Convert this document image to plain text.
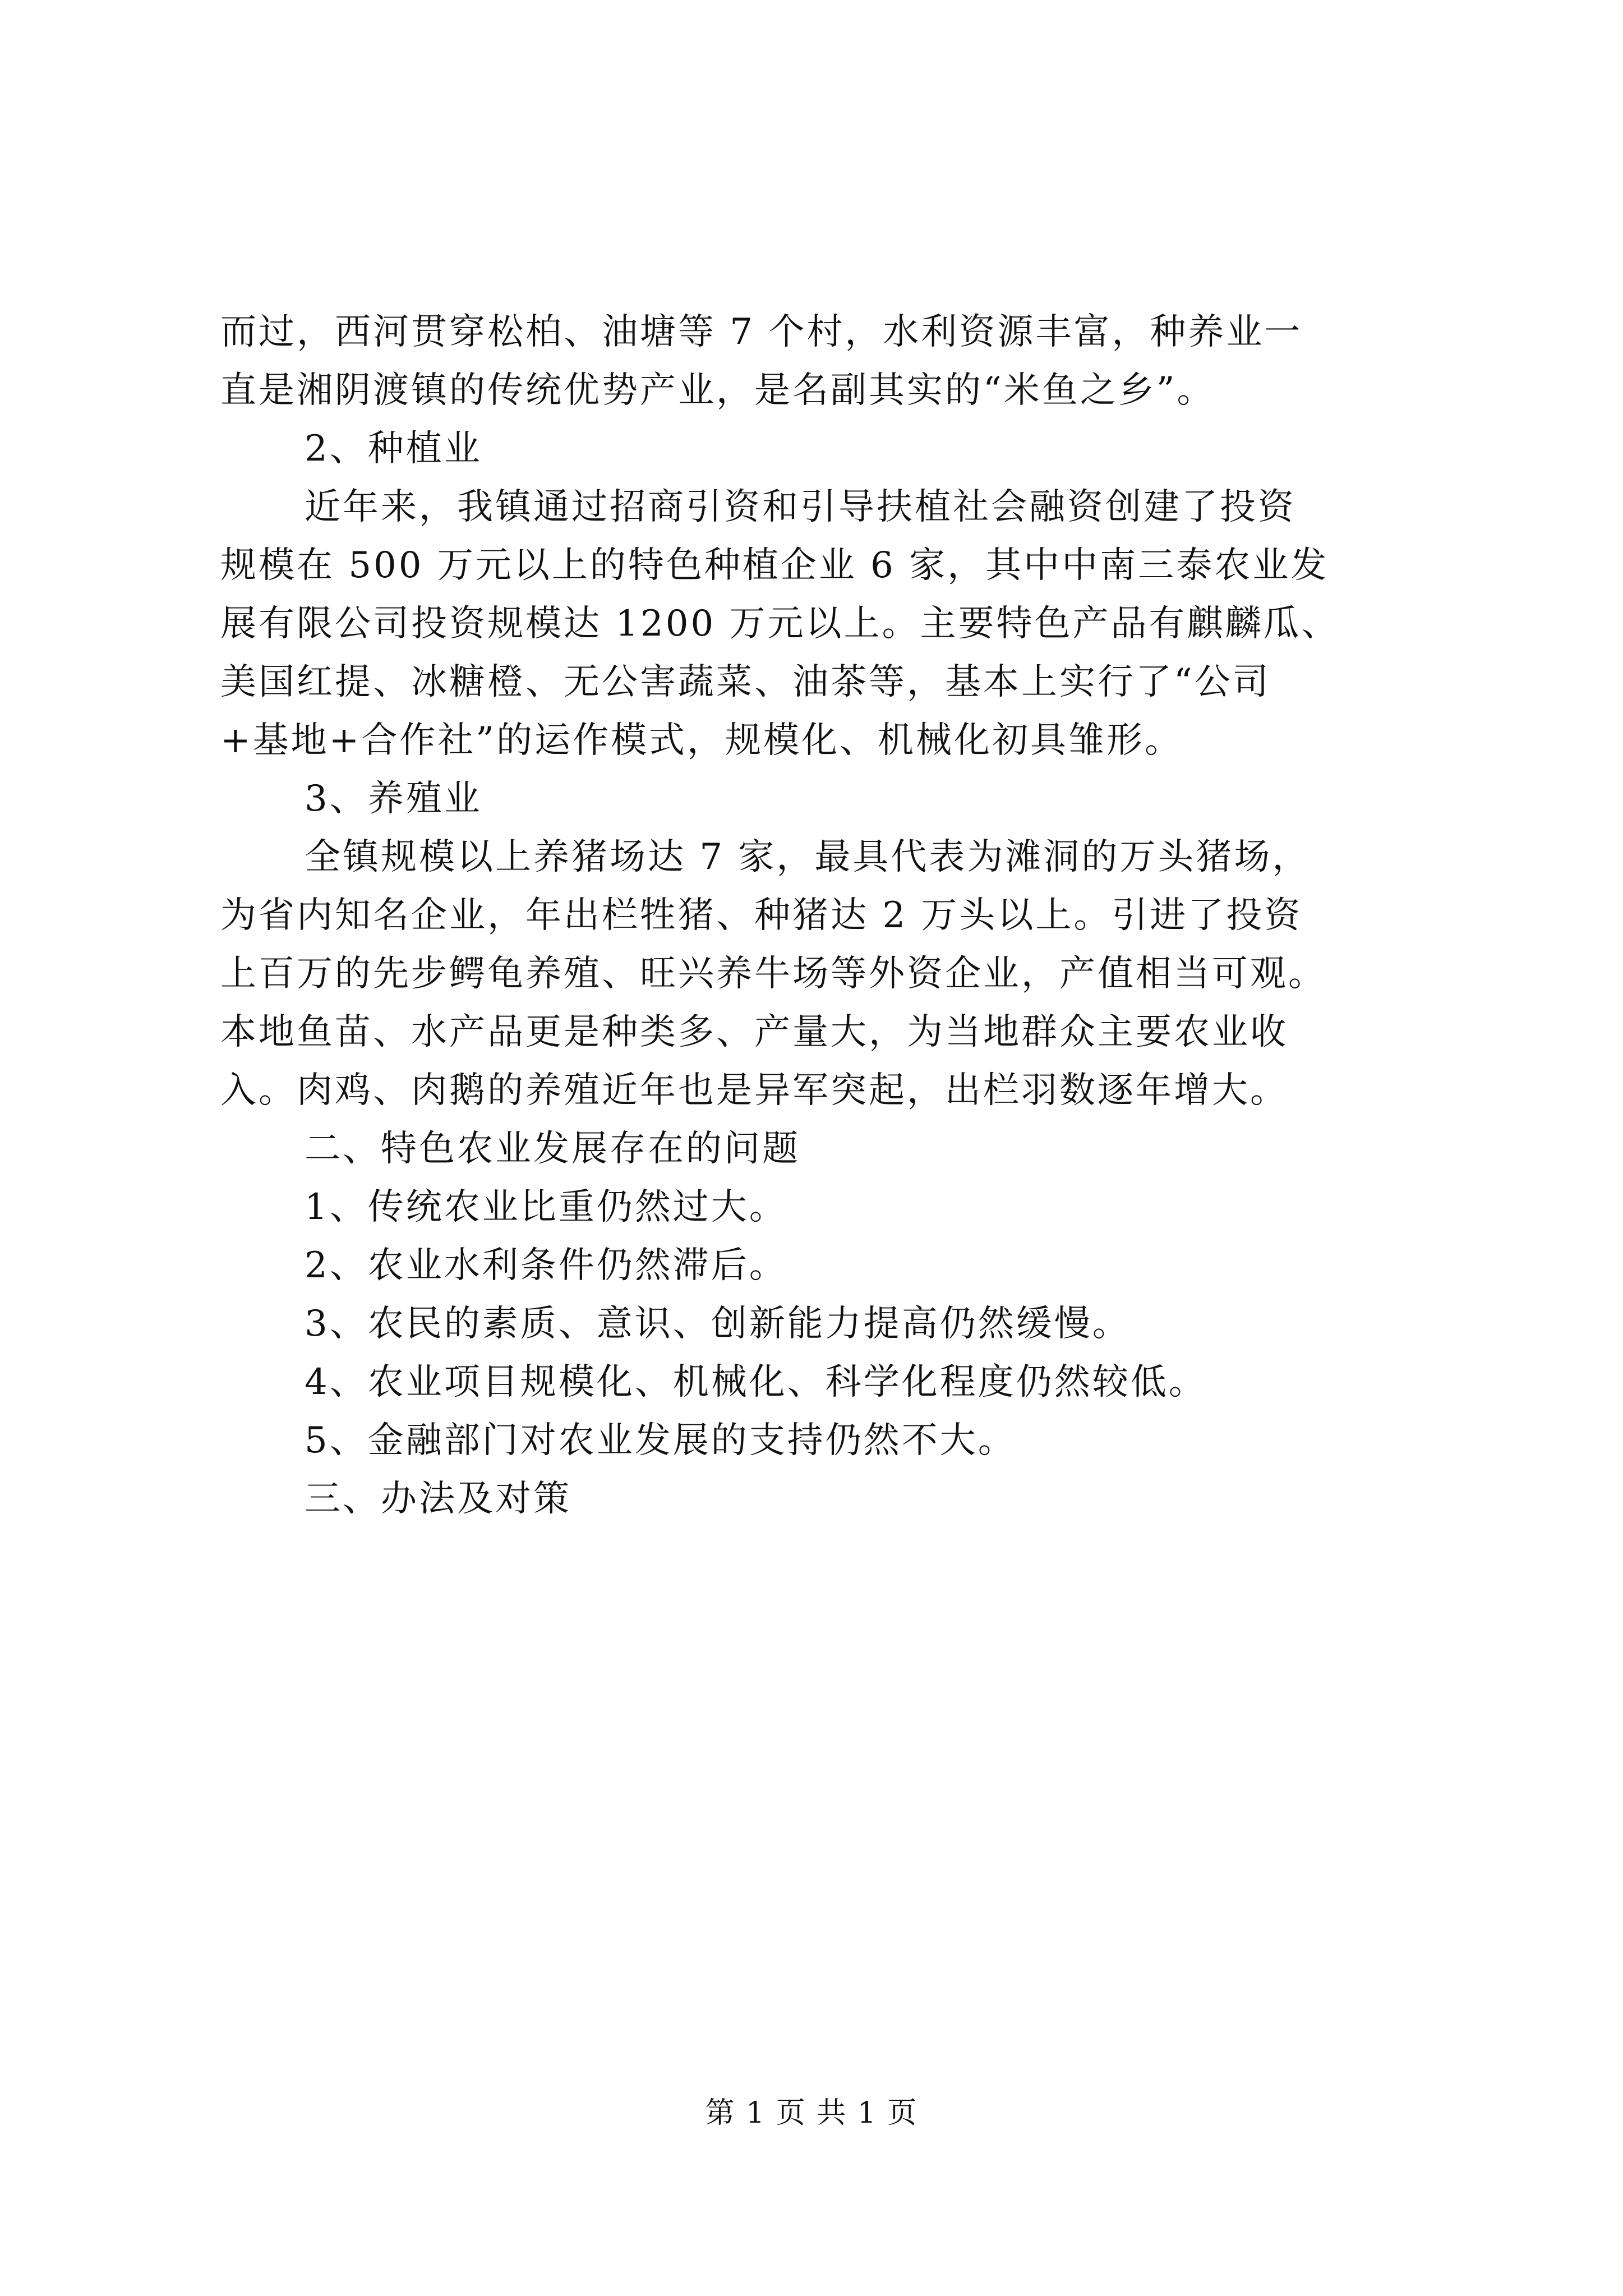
而过，西河贯穿松柏、油塘等 7 个村，水利资源丰富，种养业一
直是湘阴渡镇的传统优势产业，是名副其实的“米鱼之乡”。
2、种植业
近年来，我镇通过招商引资和引导扶植社会融资创建了投资
规模在 500 万元以上的特色种植企业 6 家，其中中南三泰农业发
展有限公司投资规模达 1200 万元以上。主要特色产品有麒麟瓜、
美国红提、冰糖橙、无公害蔬菜、油茶等，基本上实行了“公司
+基地+合作社”的运作模式，规模化、机械化初具雏形。
3、养殖业
全镇规模以上养猪场达 7 家，最具代表为滩洞的万头猪场，
为省内知名企业，年出栏牲猪、种猪达 2 万头以上。引进了投资
上百万的先步鳄龟养殖、旺兴养牛场等外资企业，产值相当可观。
本地鱼苗、水产品更是种类多、产量大，为当地群众主要农业收
入。肉鸡、肉鹅的养殖近年也是异军突起，出栏羽数逐年增大。
二、特色农业发展存在的问题
1、传统农业比重仍然过大。
2、农业水利条件仍然滞后。
3、农民的素质、意识、创新能力提高仍然缓慢。
4、农业项目规模化、机械化、科学化程度仍然较低。
5、金融部门对农业发展的支持仍然不大。
三、办法及对策
第 1 页 共 1 页
